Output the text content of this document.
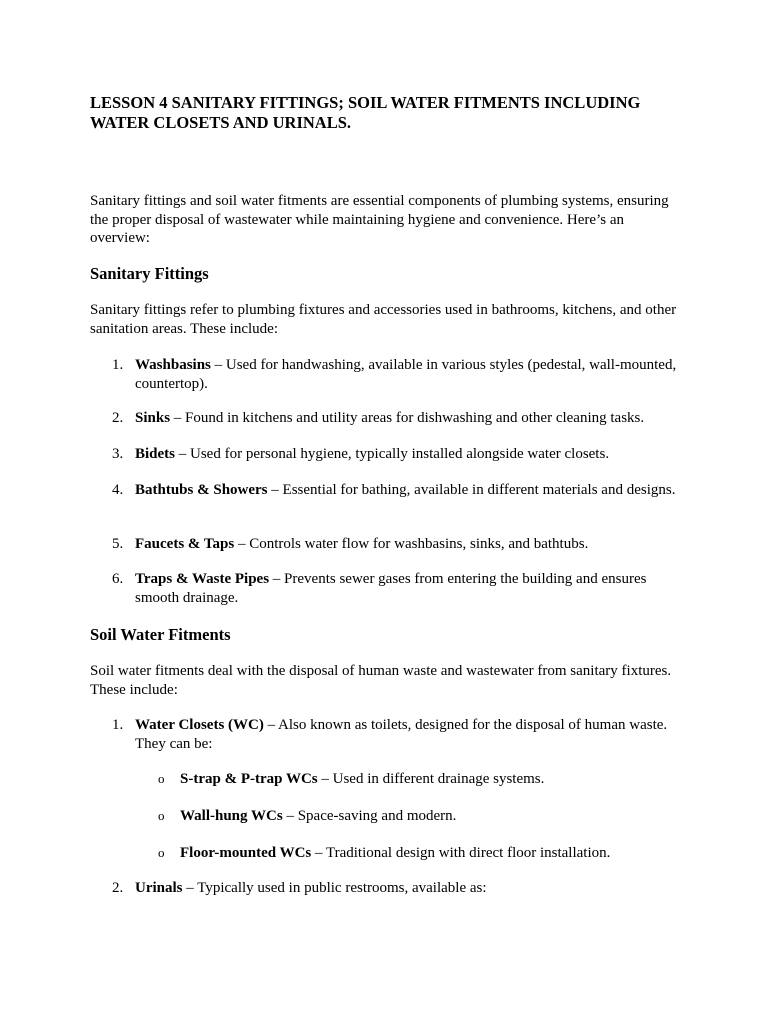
LESSON 4 SANITARY FITTINGS; SOIL WATER FITMENTS INCLUDING WATER CLOSETS AND URINALS.

Sanitary fittings and soil water fitments are essential components of plumbing systems, ensuring the proper disposal of wastewater while maintaining hygiene and convenience. Here’s an overview:

Sanitary Fittings

Sanitary fittings refer to plumbing fixtures and accessories used in bathrooms, kitchens, and other sanitation areas. These include:

1. Washbasins – Used for handwashing, available in various styles (pedestal, wall-mounted, countertop).
2. Sinks – Found in kitchens and utility areas for dishwashing and other cleaning tasks.
3. Bidets – Used for personal hygiene, typically installed alongside water closets.
4. Bathtubs & Showers – Essential for bathing, available in different materials and designs.
5. Faucets & Taps – Controls water flow for washbasins, sinks, and bathtubs.
6. Traps & Waste Pipes – Prevents sewer gases from entering the building and ensures smooth drainage.
Soil Water Fitments

Soil water fitments deal with the disposal of human waste and wastewater from sanitary fixtures. These include:

1. Water Closets (WC) – Also known as toilets, designed for the disposal of human waste. They can be:
o S-trap & P-trap WCs – Used in different drainage systems.
o Wall-hung WCs – Space-saving and modern.
o Floor-mounted WCs – Traditional design with direct floor installation.
2. Urinals – Typically used in public restrooms, available as:
